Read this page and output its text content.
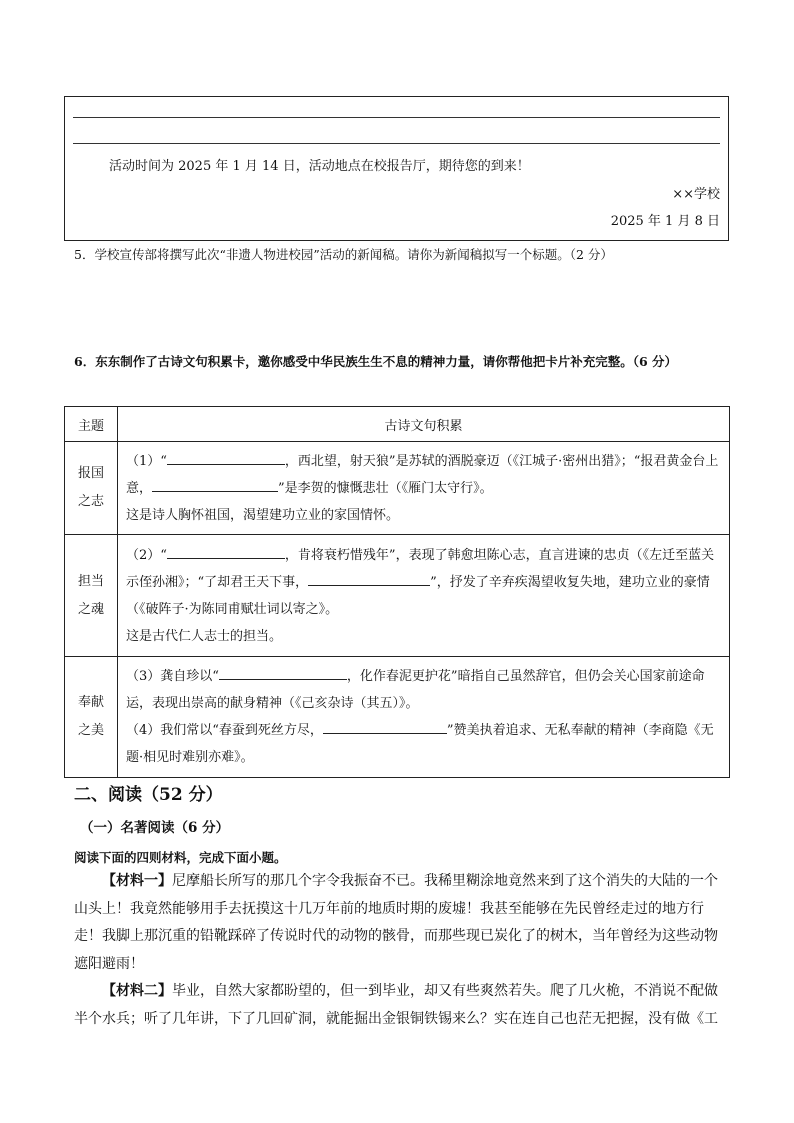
活动时间为 2025 年 1 月 14 日，活动地点在校报告厅，期待您的到来！
××学校
2025 年 1 月 8 日
5．学校宣传部将撰写此次“非遗人物进校园”活动的新闻稿。请你为新闻稿拟写一个标题。（2 分）
6．东东制作了古诗文句积累卡，邀你感受中华民族生生不息的精神力量，请你帮他把卡片补充完整。（6 分）
主题	古诗文句积累
报国
之志	（1）“ ，西北望，射天狼”是苏轼的酒脱豪迈（《江城子·密州出猎》；“报君黄金台上意， ”是李贺的慷慨悲壮（《雁门太守行》。
这是诗人胸怀祖国，渴望建功立业的家国情怀。
担当
之魂	（2）“ ，肯将衰朽惜残年”，表现了韩愈坦陈心志，直言进谏的忠贞（《左迁至蓝关示侄孙湘》；“了却君王天下事， ”，抒发了辛弃疾渴望收复失地，建功立业的豪情（《破阵子·为陈同甫赋壮词以寄之》。
这是古代仁人志士的担当。
奉献
之美	（3）龚自珍以“ ，化作春泥更护花”暗指自己虽然辞官，但仍会关心国家前途命运，表现出崇高的献身精神（《己亥杂诗（其五）》。
（4）我们常以“春蚕到死丝方尽， ”赞美执着追求、无私奉献的精神（李商隐《无题·相见时难别亦难》。
二、阅读（52 分）
（一）名著阅读（6 分）
阅读下面的四则材料，完成下面小题。
【材料一】尼摩船长所写的那几个字令我振奋不已。我稀里糊涂地竟然来到了这个消失的大陆的一个山头上！我竟然能够用手去抚摸这十几万年前的地质时期的废墟！我甚至能够在先民曾经走过的地方行走！我脚上那沉重的铅靴踩碎了传说时代的动物的骸骨，而那些现已炭化了的树木，当年曾经为这些动物遮阳避雨！
【材料二】毕业，自然大家都盼望的，但一到毕业，却又有些爽然若失。爬了几火桅，不消说不配做半个水兵；听了几年讲，下了几回矿洞，就能掘出金银铜铁锡来么？实在连自己也茫无把握，没有做《工
